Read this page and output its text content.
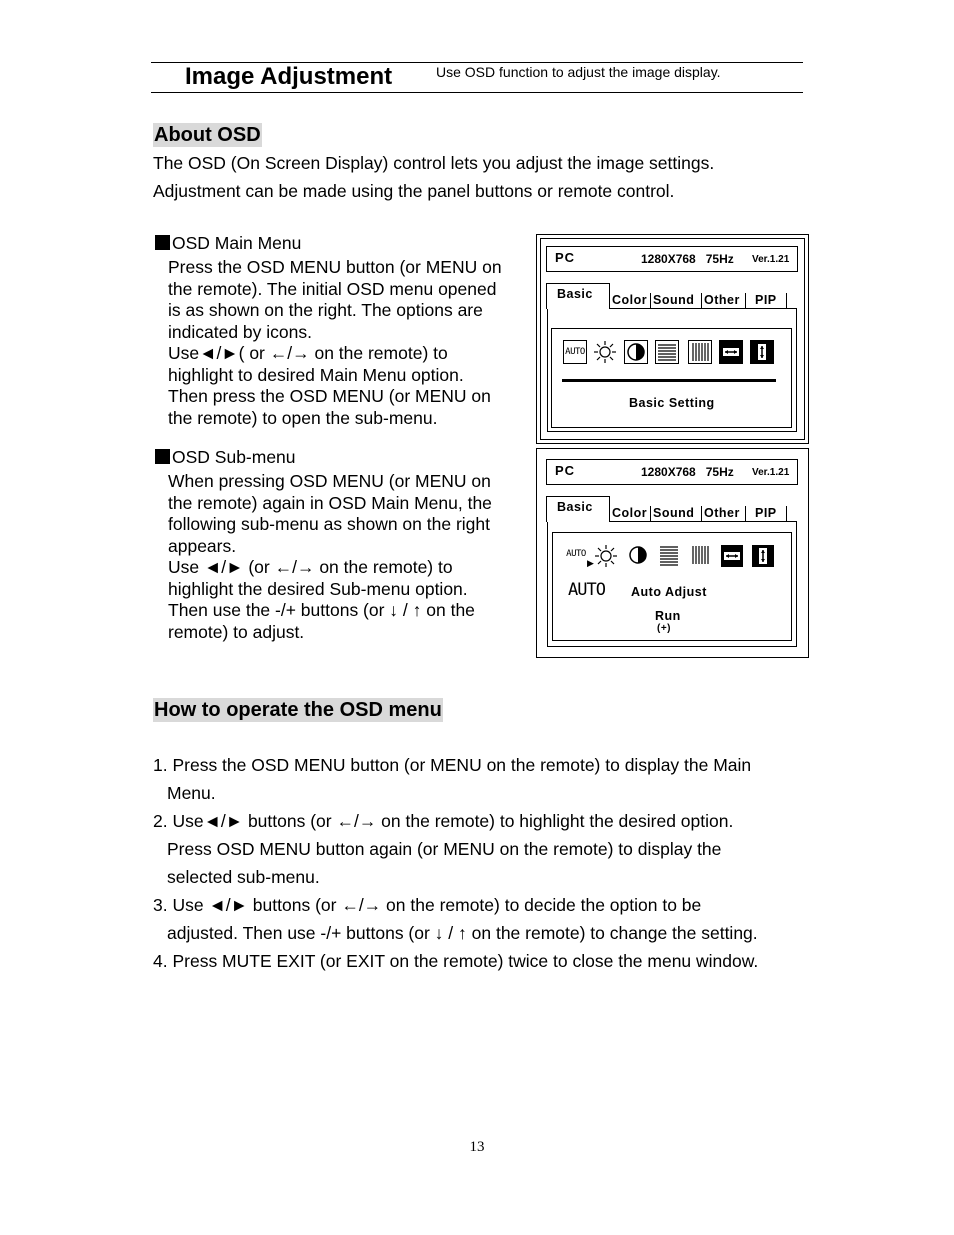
Image Adjustment	Use OSD function to adjust the image display.
About OSD
The OSD (On Screen Display) control lets you adjust the image settings.
Adjustment can be made using the panel buttons or remote control.
OSD Main Menu
Press the OSD MENU button (or MENU on
the remote). The initial OSD menu opened
is as shown on the right. The options are
indicated by icons.
Use◄/►( or ←/→ on the remote) to
highlight to desired Main Menu option.
Then press the OSD MENU (or MENU on
the remote) to open the sub-menu.
OSD Sub-menu
When pressing OSD MENU (or MENU on
the remote) again in OSD Main Menu, the
following sub-menu as shown on the right
appears.
Use ◄/► (or ←/→ on the remote) to
highlight the desired Sub-menu option.
Then use the -/+ buttons (or ↓ / ↑ on the
remote) to adjust.
PC	1280X768   75Hz Ver.1.21
Color Sound Other	PIP
Basic
AUTO
Basic Setting
PC	1280X768   75Hz Ver.1.21
Color Sound Other	PIP
Basic
AUTO
▶
AUTO Auto Adjust
Run
(+)
How to operate the OSD menu
1. Press the OSD MENU button (or MENU on the remote) to display the Main
Menu.
2. Use◄/► buttons (or ←/→ on the remote) to highlight the desired option.
Press OSD MENU button again (or MENU on the remote) to display the
selected sub-menu.
3. Use ◄/► buttons (or ←/→ on the remote) to decide the option to be
adjusted. Then use -/+ buttons (or ↓ / ↑ on the remote) to change the setting.
4. Press MUTE EXIT (or EXIT on the remote) twice to close the menu window.
13
